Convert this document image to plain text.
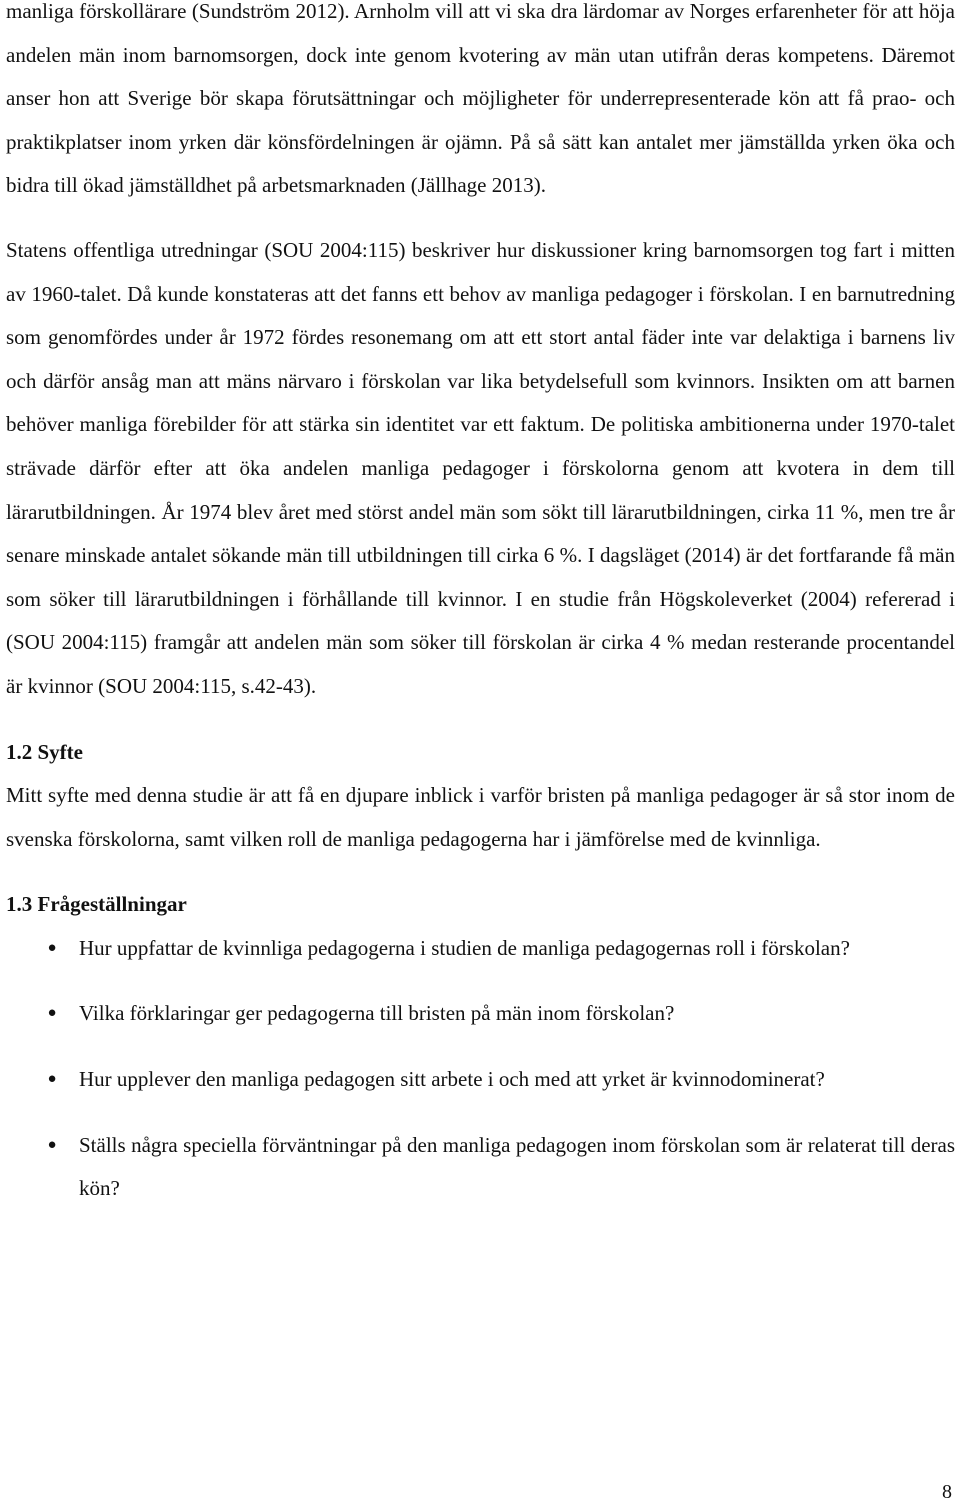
manliga förskollärare (Sundström 2012). Arnholm vill att vi ska dra lärdomar av Norges erfarenheter för att höja andelen män inom barnomsorgen, dock inte genom kvotering av män utan utifrån deras kompetens. Däremot anser hon att Sverige bör skapa förutsättningar och möjligheter för underrepresenterade kön att få prao- och praktikplatser inom yrken där könsfördelningen är ojämn. På så sätt kan antalet mer jämställda yrken öka och bidra till ökad jämställdhet på arbetsmarknaden (Jällhage 2013).

Statens offentliga utredningar (SOU 2004:115) beskriver hur diskussioner kring barnomsorgen tog fart i mitten av 1960-talet. Då kunde konstateras att det fanns ett behov av manliga pedagoger i förskolan. I en barnutredning som genomfördes under år 1972 fördes resonemang om att ett stort antal fäder inte var delaktiga i barnens liv och därför ansåg man att mäns närvaro i förskolan var lika betydelsefull som kvinnors. Insikten om att barnen behöver manliga förebilder för att stärka sin identitet var ett faktum. De politiska ambitionerna under 1970-talet strävade därför efter att öka andelen manliga pedagoger i förskolorna genom att kvotera in dem till lärarutbildningen. År 1974 blev året med störst andel män som sökt till lärarutbildningen, cirka 11 %, men tre år senare minskade antalet sökande män till utbildningen till cirka 6 %. I dagsläget (2014) är det fortfarande få män som söker till lärarutbildningen i förhållande till kvinnor. I en studie från Högskoleverket (2004) refererad i (SOU 2004:115) framgår att andelen män som söker till förskolan är cirka 4 % medan resterande procentandel är kvinnor (SOU 2004:115, s.42-43).

1.2 Syfte

Mitt syfte med denna studie är att få en djupare inblick i varför bristen på manliga pedagoger är så stor inom de svenska förskolorna, samt vilken roll de manliga pedagogerna har i jämförelse med de kvinnliga.

1.3 Frågeställningar
● Hur uppfattar de kvinnliga pedagogerna i studien de manliga pedagogernas roll i förskolan?
● Vilka förklaringar ger pedagogerna till bristen på män inom förskolan?
● Hur upplever den manliga pedagogen sitt arbete i och med att yrket är kvinnodominerat?
● Ställs några speciella förväntningar på den manliga pedagogen inom förskolan som är relaterat till deras kön?
8
